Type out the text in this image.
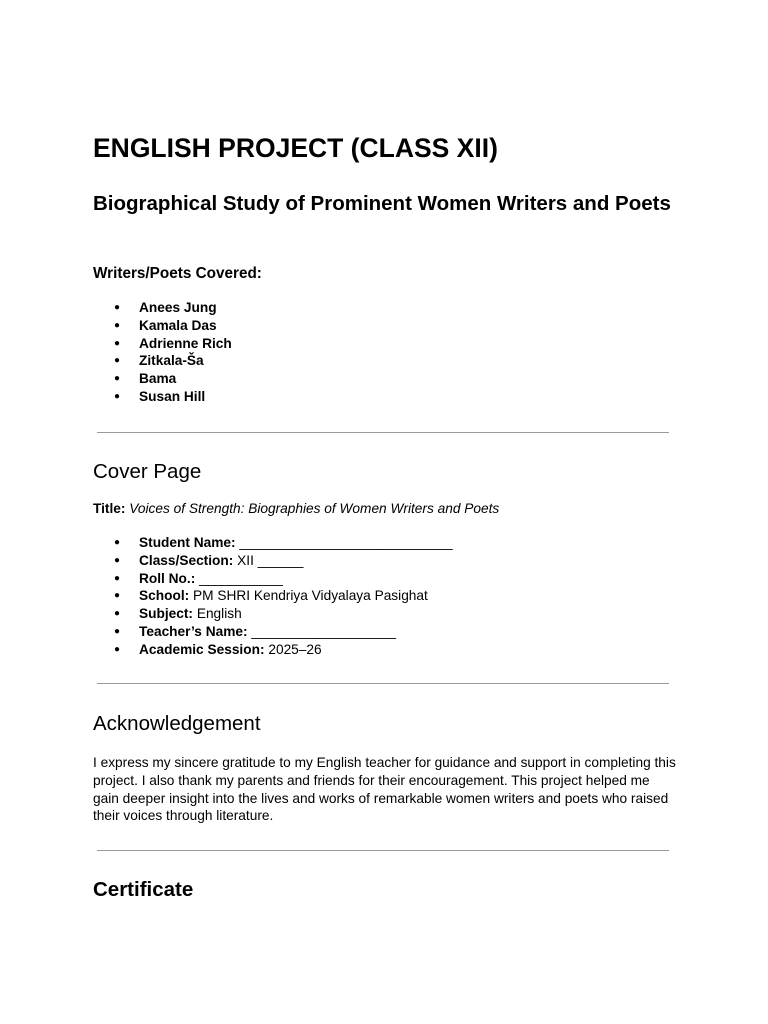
ENGLISH PROJECT (CLASS XII)
Biographical Study of Prominent Women Writers and Poets
Writers/Poets Covered:
● Anees Jung
● Kamala Das
● Adrienne Rich
● Zitkala-Ša
● Bama
● Susan Hill
Cover Page
Title: Voices of Strength: Biographies of Women Writers and Poets
● Student Name: ____________________________
● Class/Section: XII ______
● Roll No.: ___________
● School: PM SHRI Kendriya Vidyalaya Pasighat
● Subject: English
● Teacher’s Name: ___________________
● Academic Session: 2025–26
Acknowledgement

I express my sincere gratitude to my English teacher for guidance and support in completing this project. I also thank my parents and friends for their encouragement. This project helped me gain deeper insight into the lives and works of remarkable women writers and poets who raised their voices through literature.

Certificate
